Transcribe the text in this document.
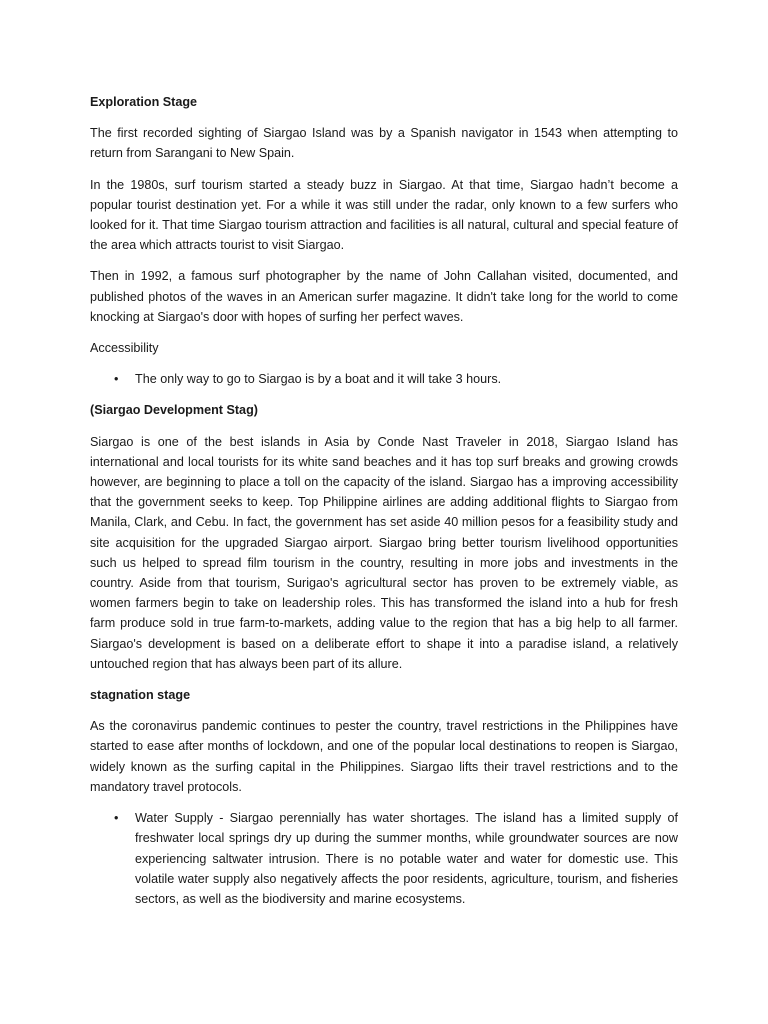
Exploration Stage

The first recorded sighting of Siargao Island was by a Spanish navigator in 1543 when attempting to return from Sarangani to New Spain.

In the 1980s, surf tourism started a steady buzz in Siargao. At that time, Siargao hadn’t become a popular tourist destination yet. For a while it was still under the radar, only known to a few surfers who looked for it. That time Siargao tourism attraction and facilities is all natural, cultural and special feature of the area which attracts tourist to visit Siargao.

Then in 1992, a famous surf photographer by the name of John Callahan visited, documented, and published photos of the waves in an American surfer magazine. It didn't take long for the world to come knocking at Siargao's door with hopes of surfing her perfect waves.

Accessibility
• The only way to go to Siargao is by a boat and it will take 3 hours.
(Siargao Development Stag)

Siargao is one of the best islands in Asia by Conde Nast Traveler in 2018, Siargao Island has international and local tourists for its white sand beaches and it has top surf breaks and growing crowds however, are beginning to place a toll on the capacity of the island. Siargao has a improving accessibility that the government seeks to keep. Top Philippine airlines are adding additional flights to Siargao from Manila, Clark, and Cebu. In fact, the government has set aside 40 million pesos for a feasibility study and site acquisition for the upgraded Siargao airport. Siargao bring better tourism livelihood opportunities such us helped to spread film tourism in the country, resulting in more jobs and investments in the country. Aside from that tourism, Surigao's agricultural sector has proven to be extremely viable, as women farmers begin to take on leadership roles. This has transformed the island into a hub for fresh farm produce sold in true farm-to-markets, adding value to the region that has a big help to all farmer. Siargao's development is based on a deliberate effort to shape it into a paradise island, a relatively untouched region that has always been part of its allure.

stagnation stage

As the coronavirus pandemic continues to pester the country, travel restrictions in the Philippines have started to ease after months of lockdown, and one of the popular local destinations to reopen is Siargao, widely known as the surfing capital in the Philippines. Siargao lifts their travel restrictions and to the mandatory travel protocols.

• Water Supply - Siargao perennially has water shortages. The island has a limited supply of freshwater local springs dry up during the summer months, while groundwater sources are now experiencing saltwater intrusion. There is no potable water and water for domestic use. This volatile water supply also negatively affects the poor residents, agriculture, tourism, and fisheries sectors, as well as the biodiversity and marine ecosystems.
